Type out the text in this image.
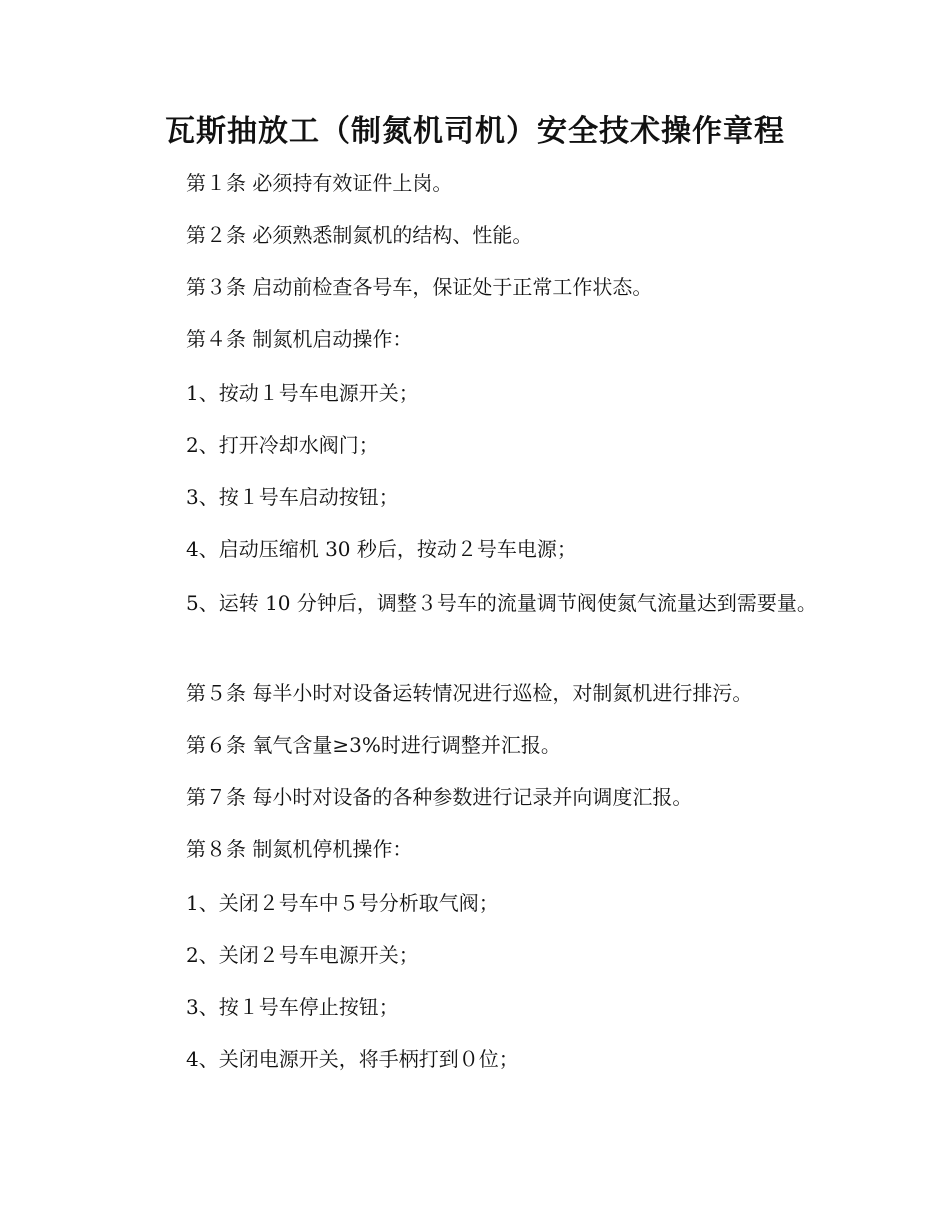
瓦斯抽放工（制氮机司机）安全技术操作章程

第１条 必须持有效证件上岗。

第２条 必须熟悉制氮机的结构、性能。

第３条 启动前检查各号车，保证处于正常工作状态。

第４条 制氮机启动操作：

1、按动１号车电源开关；

2、打开冷却水阀门；

3、按１号车启动按钮；

4、启动压缩机 30 秒后，按动２号车电源；

5、运转 10 分钟后，调整３号车的流量调节阀使氮气流量达到需要量。

第５条 每半小时对设备运转情况进行巡检，对制氮机进行排污。

第６条 氧气含量≥3%时进行调整并汇报。

第７条 每小时对设备的各种参数进行记录并向调度汇报。

第８条 制氮机停机操作：

1、关闭２号车中５号分析取气阀；

2、关闭２号车电源开关；

3、按１号车停止按钮；

4、关闭电源开关，将手柄打到０位；
